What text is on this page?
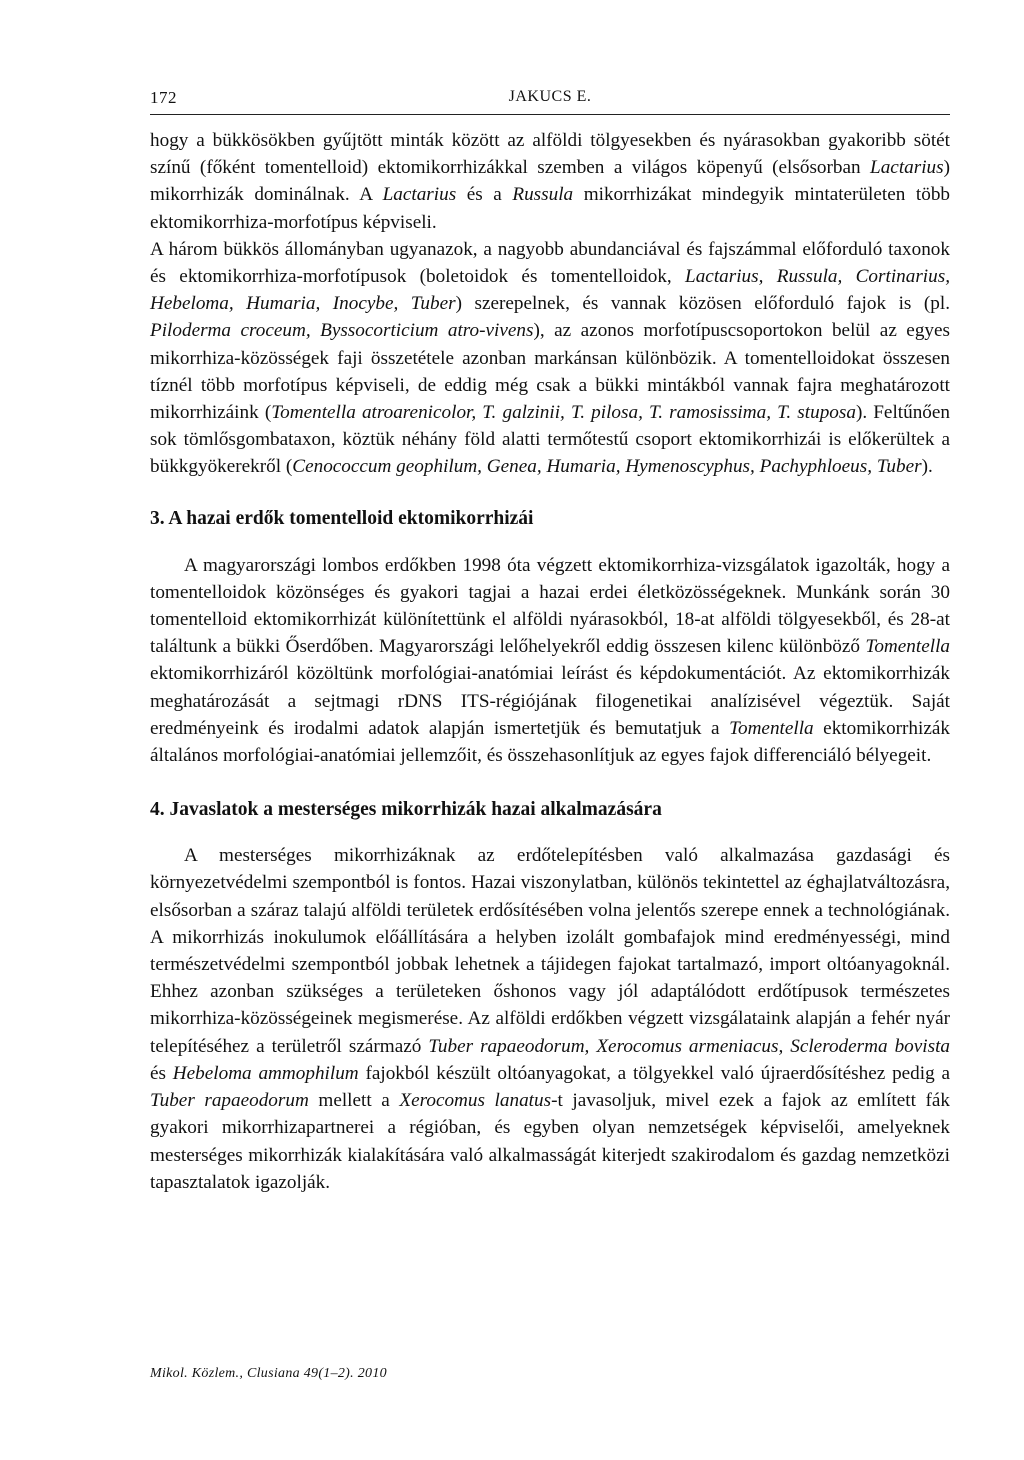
172	JAKUCS E.

hogy a bükkösökben gyűjtött minták között az alföldi tölgyesekben és nyárasokban gyakoribb sötét színű (főként tomentelloid) ektomikorrhizákkal szemben a világos köpenyű (elsősorban Lactarius) mikorrhizák dominálnak. A Lactarius és a Russula mikorrhizákat mindegyik mintaterületen több ektomikorrhiza-morfotípus képviseli.

A három bükkös állományban ugyanazok, a nagyobb abundanciával és fajszámmal előforduló taxonok és ektomikorrhiza-morfotípusok (boletoidok és tomentelloidok, Lactarius, Russula, Cortinarius, Hebeloma, Humaria, Inocybe, Tuber) szerepelnek, és vannak közösen előforduló fajok is (pl. Piloderma croceum, Byssocorticium atro-vivens), az azonos morfotípuscsoportokon belül az egyes mikorrhiza-közösségek faji összetétele azonban markánsan különbözik. A tomentelloidokat összesen tíznél több morfotípus képviseli, de eddig még csak a bükki mintákból vannak fajra meghatározott mikorrhizáink (Tomentella atroarenicolor, T. galzinii, T. pilosa, T. ramosissima, T. stuposa). Feltűnően sok tömlősgombataxon, köztük néhány föld alatti termőtestű csoport ektomikorrhizái is előkerültek a bükkgyökerekről (Cenococcum geophilum, Genea, Humaria, Hymenoscyphus, Pachyphloeus, Tuber).

3. A hazai erdők tomentelloid ektomikorrhizái

A magyarországi lombos erdőkben 1998 óta végzett ektomikorrhiza-vizsgálatok igazolták, hogy a tomentelloidok közönséges és gyakori tagjai a hazai erdei életközösségeknek. Munkánk során 30 tomentelloid ektomikorrhizát különítettünk el alföldi nyárasokból, 18-at alföldi tölgyesekből, és 28-at találtunk a bükki Őserdőben. Magyarországi lelőhelyekről eddig összesen kilenc különböző Tomentella ektomikorrhizáról közöltünk morfológiai-anatómiai leírást és képdokumentációt. Az ektomikorrhizák meghatározását a sejtmagi rDNS ITS-régiójának filogenetikai analízisével végeztük. Saját eredményeink és irodalmi adatok alapján ismertetjük és bemutatjuk a Tomentella ektomikorrhizák általános morfológiai-anatómiai jellemzőit, és összehasonlítjuk az egyes fajok differenciáló bélyegeit.

4. Javaslatok a mesterséges mikorrhizák hazai alkalmazására

A mesterséges mikorrhizáknak az erdőtelepítésben való alkalmazása gazdasági és környezetvédelmi szempontból is fontos. Hazai viszonylatban, különös tekintettel az éghajlatváltozásra, elsősorban a száraz talajú alföldi területek erdősítésében volna jelentős szerepe ennek a technológiának. A mikorrhizás inokulumok előállítására a helyben izolált gombafajok mind eredményességi, mind természetvédelmi szempontból jobbak lehetnek a tájidegen fajokat tartalmazó, import oltóanyagoknál. Ehhez azonban szükséges a területeken őshonos vagy jól adaptálódott erdőtípusok természetes mikorrhiza-közösségeinek megismerése. Az alföldi erdőkben végzett vizsgálataink alapján a fehér nyár telepítéséhez a területről származó Tuber rapaeodorum, Xerocomus armeniacus, Scleroderma bovista és Hebeloma ammophilum fajokból készült oltóanyagokat, a tölgyekkel való újraerdősítéshez pedig a Tuber rapaeodorum mellett a Xerocomus lanatus-t javasoljuk, mivel ezek a fajok az említett fák gyakori mikorrhizapartnerei a régióban, és egyben olyan nemzetségek képviselői, amelyeknek mesterséges mikorrhizák kialakítására való alkalmasságát kiterjedt szakirodalom és gazdag nemzetközi tapasztalatok igazolják.

Mikol. Közlem., Clusiana 49(1–2). 2010
